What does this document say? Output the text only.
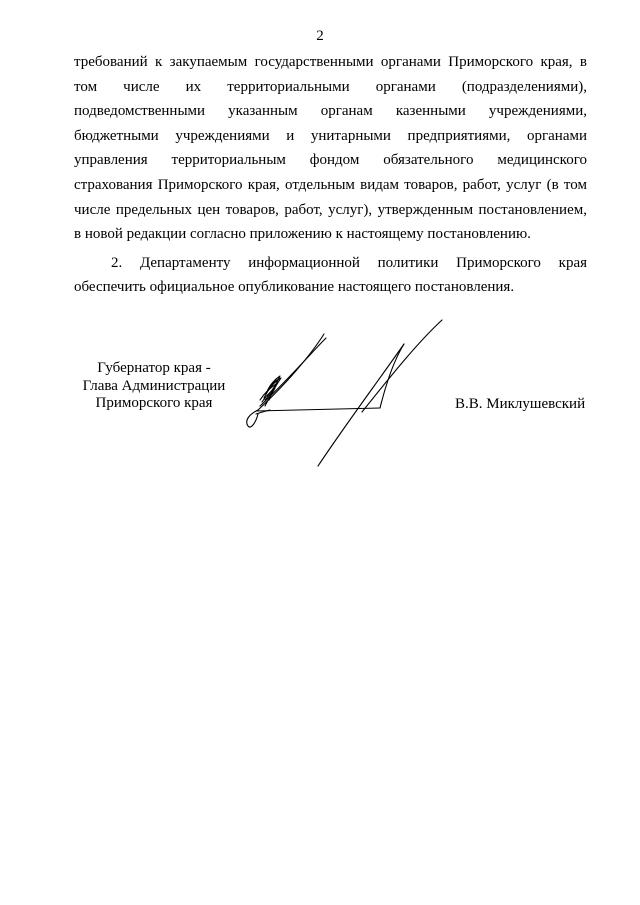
2
требований к закупаемым государственными органами Приморского края, в
том числе их территориальными органами (подразделениями),
подведомственными указанным органам казенными учреждениями,
бюджетными учреждениями и унитарными предприятиями, органами
управления территориальным фондом обязательного медицинского
страхования Приморского края, отдельным видам товаров, работ, услуг (в том
числе предельных цен товаров, работ, услуг), утвержденным постановлением,
в новой редакции согласно приложению к настоящему постановлению.
2. Департаменту информационной политики Приморского края
обеспечить официальное опубликование настоящего постановления.
Губернатор края -
Глава Администрации
Приморского края	В.В. Миклушевский
